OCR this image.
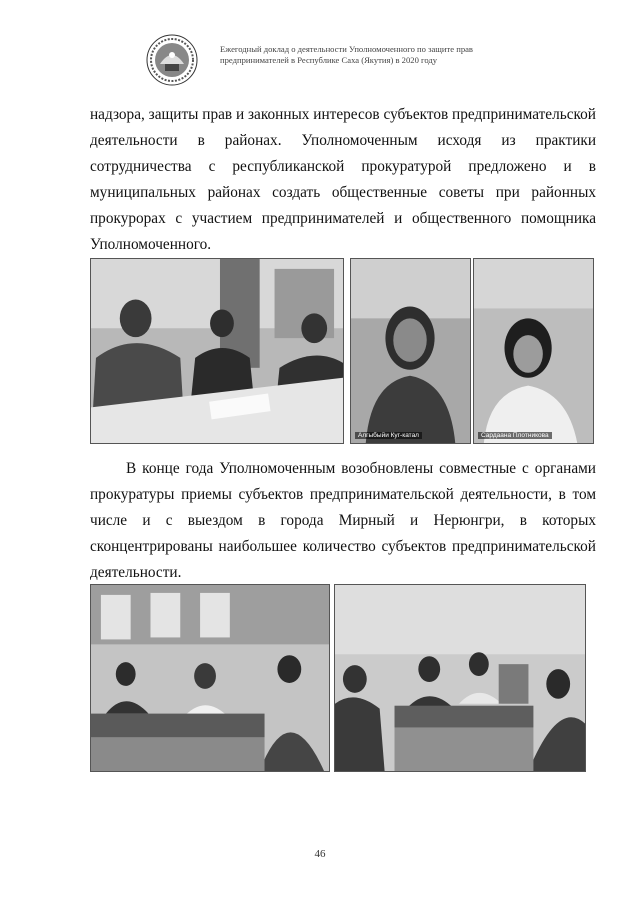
Ежегодный доклад о деятельности Уполномоченного по защите прав
предпринимателей в Республике Саха (Якутия) в 2020 году
надзора, защиты прав и законных интересов субъектов предпринимательской
деятельности в районах. Уполномоченным исходя из практики
сотрудничества с республиканской прокуратурой предложено и в
муниципальных районах создать общественные советы при районных
прокурорах с участием предпринимателей и общественного помощника
Уполномоченного.
Алгыбыйи Куг-катал	Сардаана Плотникова
В конце года Уполномоченным возобновлены совместные с органами
прокуратуры приемы субъектов предпринимательской деятельности, в том
числе и с выездом в города Мирный и Нерюнгри, в которых
сконцентрированы наибольшее количество субъектов предпринимательской
деятельности.
46
